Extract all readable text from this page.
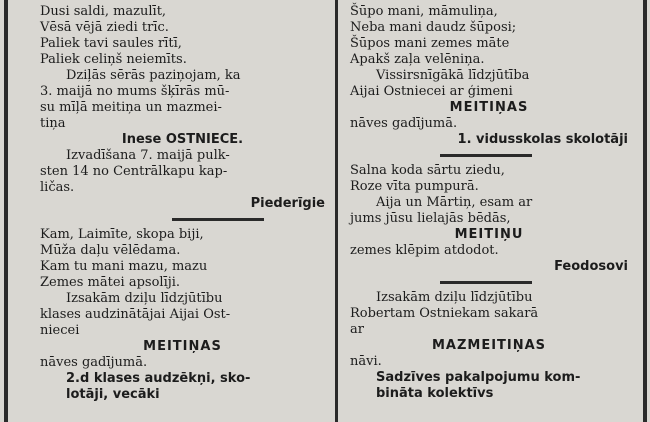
Dusi saldi, mazulīt,
Vēsā vējā ziedi trīc.
Paliek tavi saules rītī,
Paliek celiņš neiemīts.
Dziļās sērās paziņojam, ka
3. maijā no mums šķīrās mū-
su mīļā meitiņa un mazmei-
tiņa
Inese OSTNIECE.
Izvadīšana 7. maijā pulk-
sten 14 no Centrālkapu kap-
ličas.
Piederīgie
Kam, Laimīte, skopa biji,
Mūža daļu vēlēdama.
Kam tu mani mazu, mazu
Zemes mātei apsolīji.
Izsakām dziļu līdzjūtību
klases audzinātājai Aijai Ost-
niecei
MEITIŅAS
nāves gadījumā.
2.d klases audzēkņi, sko-
lotāji, vecāki
Šūpo mani, māmuliņa,
Neba mani daudz šūposi;
Šūpos mani zemes māte
Apakš zaļa velēniņa.
Vissirsnīgākā līdzjūtība
Aijai Ostniecei ar ģimeni
MEITIŅAS
nāves gadījumā.
1. vidusskolas skolotāji
Salna koda sārtu ziedu,
Roze vīta pumpurā.
Aija un Mārtiņ, esam ar
jums jūsu lielajās bēdās,
MEITIŅU
zemes klēpim atdodot.
Feodosovi
Izsakām dziļu līdzjūtību
Robertam Ostniekam sakarā
ar
MAZMEITIŅAS
nāvi.
Sadzīves pakalpojumu kom-
bināta kolektīvs
